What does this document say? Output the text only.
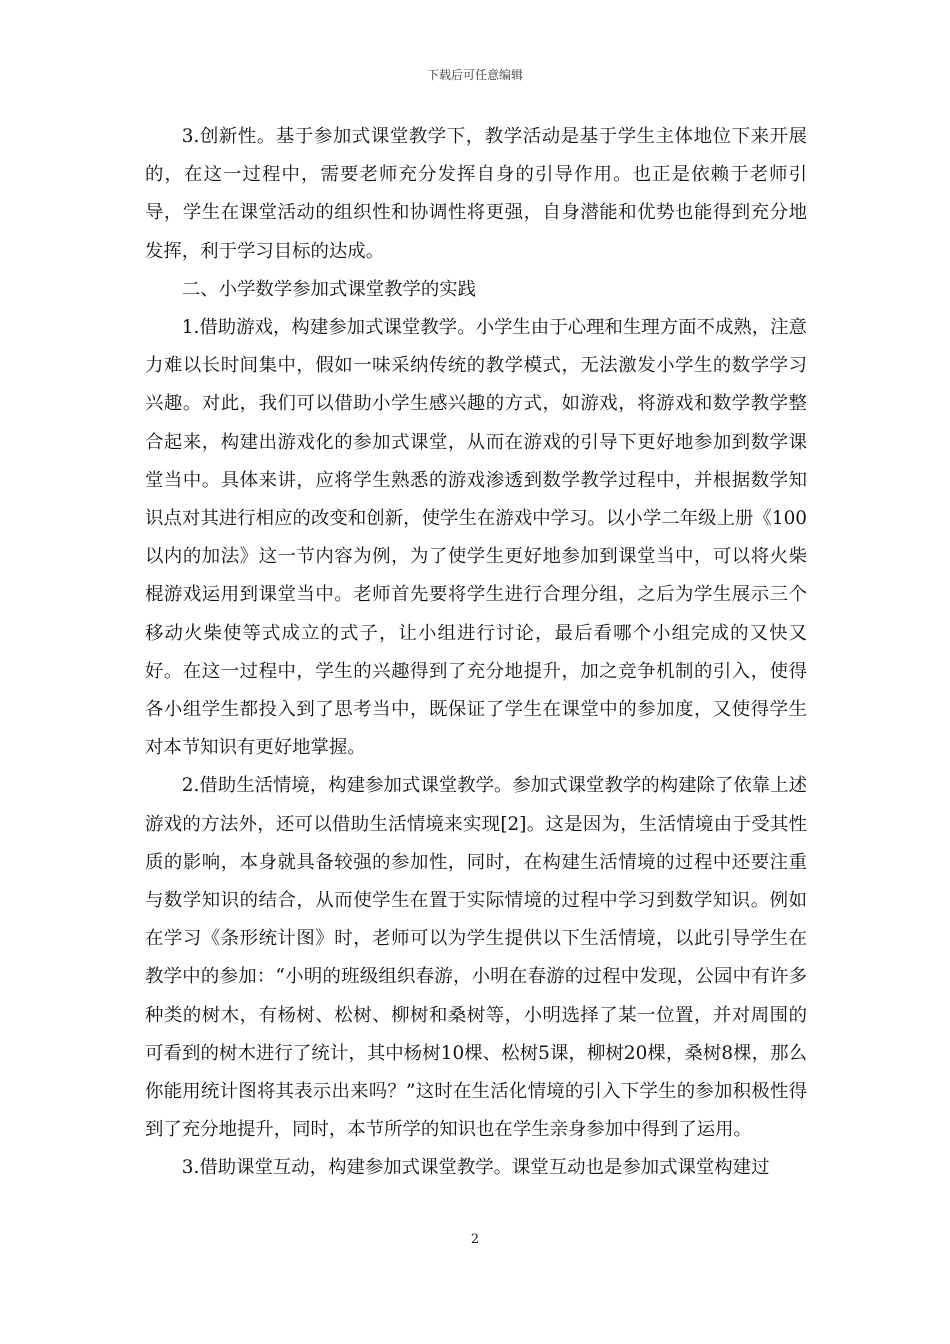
下载后可任意编辑

3.创新性。基于参加式课堂教学下，教学活动是基于学生主体地位下来开展的，在这一过程中，需要老师充分发挥自身的引导作用。也正是依赖于老师引导，学生在课堂活动的组织性和协调性将更强，自身潜能和优势也能得到充分地发挥，利于学习目标的达成。

二、小学数学参加式课堂教学的实践

1.借助游戏，构建参加式课堂教学。小学生由于心理和生理方面不成熟，注意力难以长时间集中，假如一味采纳传统的教学模式，无法激发小学生的数学学习兴趣。对此，我们可以借助小学生感兴趣的方式，如游戏，将游戏和数学教学整合起来，构建出游戏化的参加式课堂，从而在游戏的引导下更好地参加到数学课堂当中。具体来讲，应将学生熟悉的游戏渗透到数学教学过程中，并根据数学知识点对其进行相应的改变和创新，使学生在游戏中学习。以小学二年级上册《100以内的加法》这一节内容为例，为了使学生更好地参加到课堂当中，可以将火柴棍游戏运用到课堂当中。老师首先要将学生进行合理分组，之后为学生展示三个移动火柴使等式成立的式子，让小组进行讨论，最后看哪个小组完成的又快又好。在这一过程中，学生的兴趣得到了充分地提升，加之竞争机制的引入，使得各小组学生都投入到了思考当中，既保证了学生在课堂中的参加度，又使得学生对本节知识有更好地掌握。

2.借助生活情境，构建参加式课堂教学。参加式课堂教学的构建除了依靠上述游戏的方法外，还可以借助生活情境来实现[2]。这是因为，生活情境由于受其性质的影响，本身就具备较强的参加性，同时，在构建生活情境的过程中还要注重与数学知识的结合，从而使学生在置于实际情境的过程中学习到数学知识。例如在学习《条形统计图》时，老师可以为学生提供以下生活情境，以此引导学生在教学中的参加：“小明的班级组织春游，小明在春游的过程中发现，公园中有许多种类的树木，有杨树、松树、柳树和桑树等，小明选择了某一位置，并对周围的可看到的树木进行了统计，其中杨树10棵、松树5课，柳树20棵，桑树8棵，那么你能用统计图将其表示出来吗？”这时在生活化情境的引入下学生的参加积极性得到了充分地提升，同时，本节所学的知识也在学生亲身参加中得到了运用。

3.借助课堂互动，构建参加式课堂教学。课堂互动也是参加式课堂构建过

2
